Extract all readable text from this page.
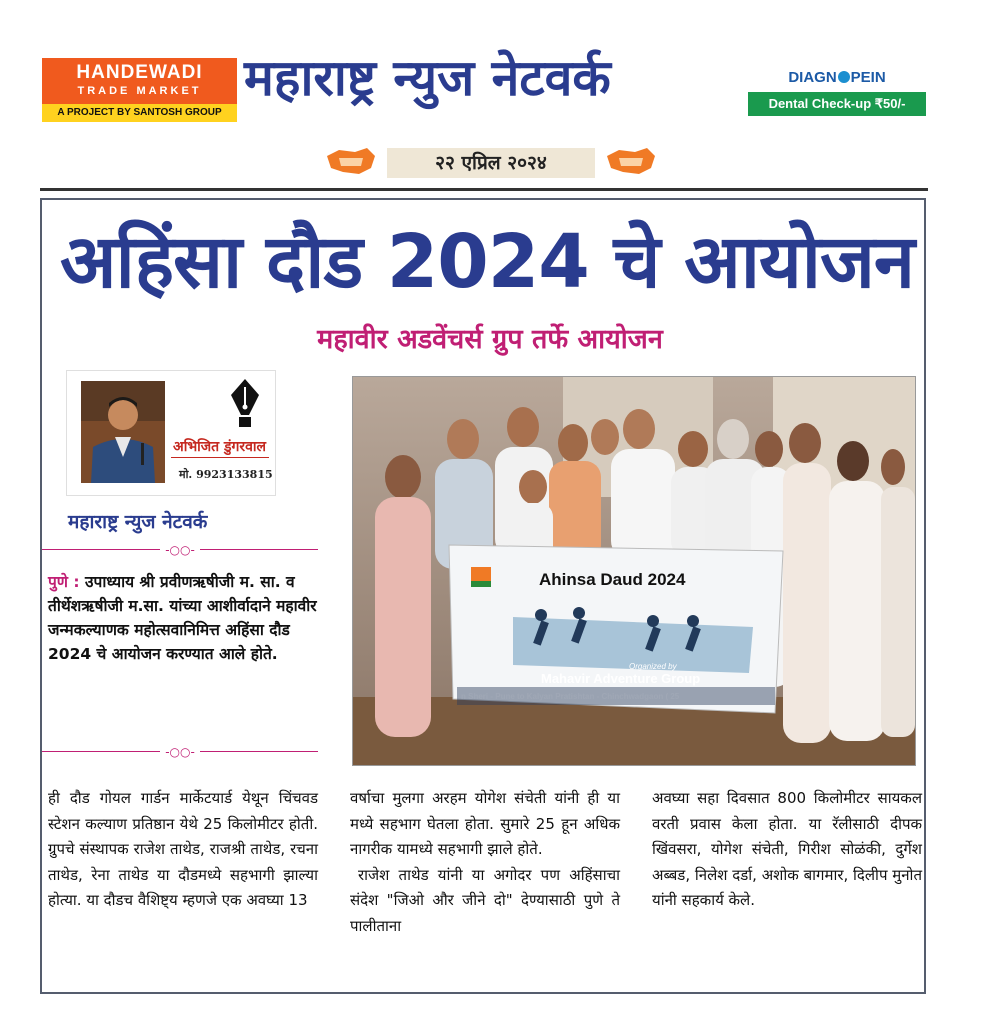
HANDEWADI
TRADE MARKET
A PROJECT BY SANTOSH GROUP
महाराष्ट्र न्युज नेटवर्क	DIAGN PEIN
Dental Check-up ₹50/-
२२ एप्रिल २०२४
अहिंसा दौड 2024 चे आयोजन
महावीर अडवेंचर्स ग्रुप तर्फे आयोजन
अभिजित डुंगरवाल
मो. 9923133815
महाराष्ट्र न्युज नेटवर्क
-○○-

पुणे : उपाध्याय श्री प्रवीणऋषीजी म. सा. व तीर्थेशऋषीजी म.सा. यांच्या आशीर्वादाने महावीर जन्मकल्याणक महोत्सवानिमित्त अहिंसा दौड 2024 चे आयोजन करण्यात आले होते.

-○○-
Ahinsa Daud 2024
Organized by
Mahavir Adventure Group
n Sheri - Pune to Kalyan Pratishtan - Chinchwadgaon ( 25

ही दौड गोयल गार्डन मार्केटयार्ड येथून चिंचवड स्टेशन कल्याण प्रतिष्ठान येथे 25 किलोमीटर होती. ग्रुपचे संस्थापक राजेश ताथेड, राजश्री ताथेड, रचना ताथेड, रेना ताथेड या दौडमध्ये सहभागी झाल्या होत्या. या दौडच वैशिष्ट्य म्हणजे एक अवघ्या 13

वर्षाचा मुलगा अरहम योगेश संचेती यांनी ही या मध्ये सहभाग घेतला होता. सुमारे 25 हून अधिक नागरीक यामध्ये सहभागी झाले होते.

राजेश ताथेड यांनी या अगोदर पण अहिंसाचा संदेश "जिओ और जीने दो" देण्यासाठी पुणे ते पालीताना

अवघ्या सहा दिवसात 800 किलोमीटर सायकल वरती प्रवास केला होता. या रॅलीसाठी दीपक खिंवसरा, योगेश संचेती, गिरीश सोळंकी, दुर्गेश अब्बड, निलेश दर्डा, अशोक बागमार, दिलीप मुनोत यांनी सहकार्य केले.
